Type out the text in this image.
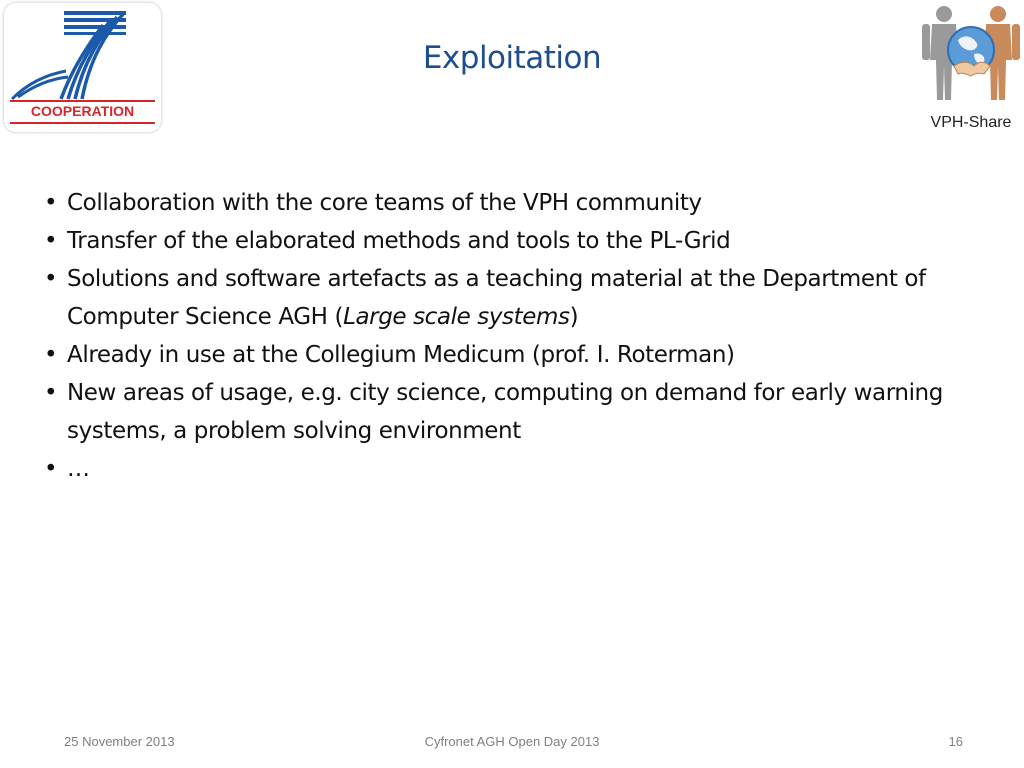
COOPERATION
Exploitation
VPH-Share
• Collaboration with the core teams of the VPH community
• Transfer of the elaborated methods and tools to the PL-Grid
• Solutions and software artefacts as a teaching material at the Department of Computer Science AGH (Large scale systems)
• Already in use at the Collegium Medicum (prof. I. Roterman)
• New areas of usage, e.g. city science, computing on demand for early warning systems, a problem solving environment
• …
25 November 2013	Cyfronet AGH Open Day 2013	16
